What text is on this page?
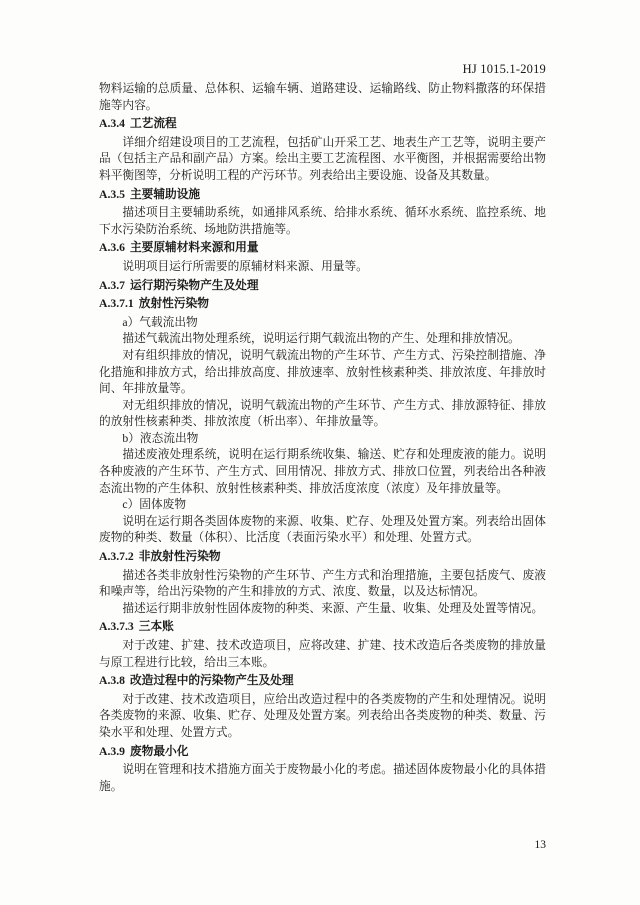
HJ 1015.1-2019

物料运输的总质量、总体积、运输车辆、道路建设、运输路线、防止物料撒落的环保措施等内容。

A.3.4 工艺流程

详细介绍建设项目的工艺流程，包括矿山开采工艺、地表生产工艺等，说明主要产品（包括主产品和副产品）方案。绘出主要工艺流程图、水平衡图，并根据需要给出物料平衡图等，分析说明工程的产污环节。列表给出主要设施、设备及其数量。

A.3.5 主要辅助设施

描述项目主要辅助系统，如通排风系统、给排水系统、循环水系统、监控系统、地下水污染防治系统、场地防洪措施等。

A.3.6 主要原辅材料来源和用量

说明项目运行所需要的原辅材料来源、用量等。

A.3.7 运行期污染物产生及处理

A.3.7.1 放射性污染物

a）气载流出物

描述气载流出物处理系统，说明运行期气载流出物的产生、处理和排放情况。

对有组织排放的情况，说明气载流出物的产生环节、产生方式、污染控制措施、净化措施和排放方式，给出排放高度、排放速率、放射性核素种类、排放浓度、年排放时间、年排放量等。

对无组织排放的情况，说明气载流出物的产生环节、产生方式、排放源特征、排放的放射性核素种类、排放浓度（析出率）、年排放量等。

b）液态流出物

描述废液处理系统，说明在运行期系统收集、输送、贮存和处理废液的能力。说明各种废液的产生环节、产生方式、回用情况、排放方式、排放口位置，列表给出各种液态流出物的产生体积、放射性核素种类、排放活度浓度（浓度）及年排放量等。

c）固体废物

说明在运行期各类固体废物的来源、收集、贮存、处理及处置方案。列表给出固体废物的种类、数量（体积）、比活度（表面污染水平）和处理、处置方式。

A.3.7.2 非放射性污染物

描述各类非放射性污染物的产生环节、产生方式和治理措施，主要包括废气、废液和噪声等，给出污染物的产生和排放的方式、浓度、数量，以及达标情况。

描述运行期非放射性固体废物的种类、来源、产生量、收集、处理及处置等情况。

A.3.7.3 三本账

对于改建、扩建、技术改造项目，应将改建、扩建、技术改造后各类废物的排放量与原工程进行比较，给出三本账。

A.3.8 改造过程中的污染物产生及处理

对于改建、技术改造项目，应给出改造过程中的各类废物的产生和处理情况。说明各类废物的来源、收集、贮存、处理及处置方案。列表给出各类废物的种类、数量、污染水平和处理、处置方式。

A.3.9 废物最小化

说明在管理和技术措施方面关于废物最小化的考虑。描述固体废物最小化的具体措施。

13
